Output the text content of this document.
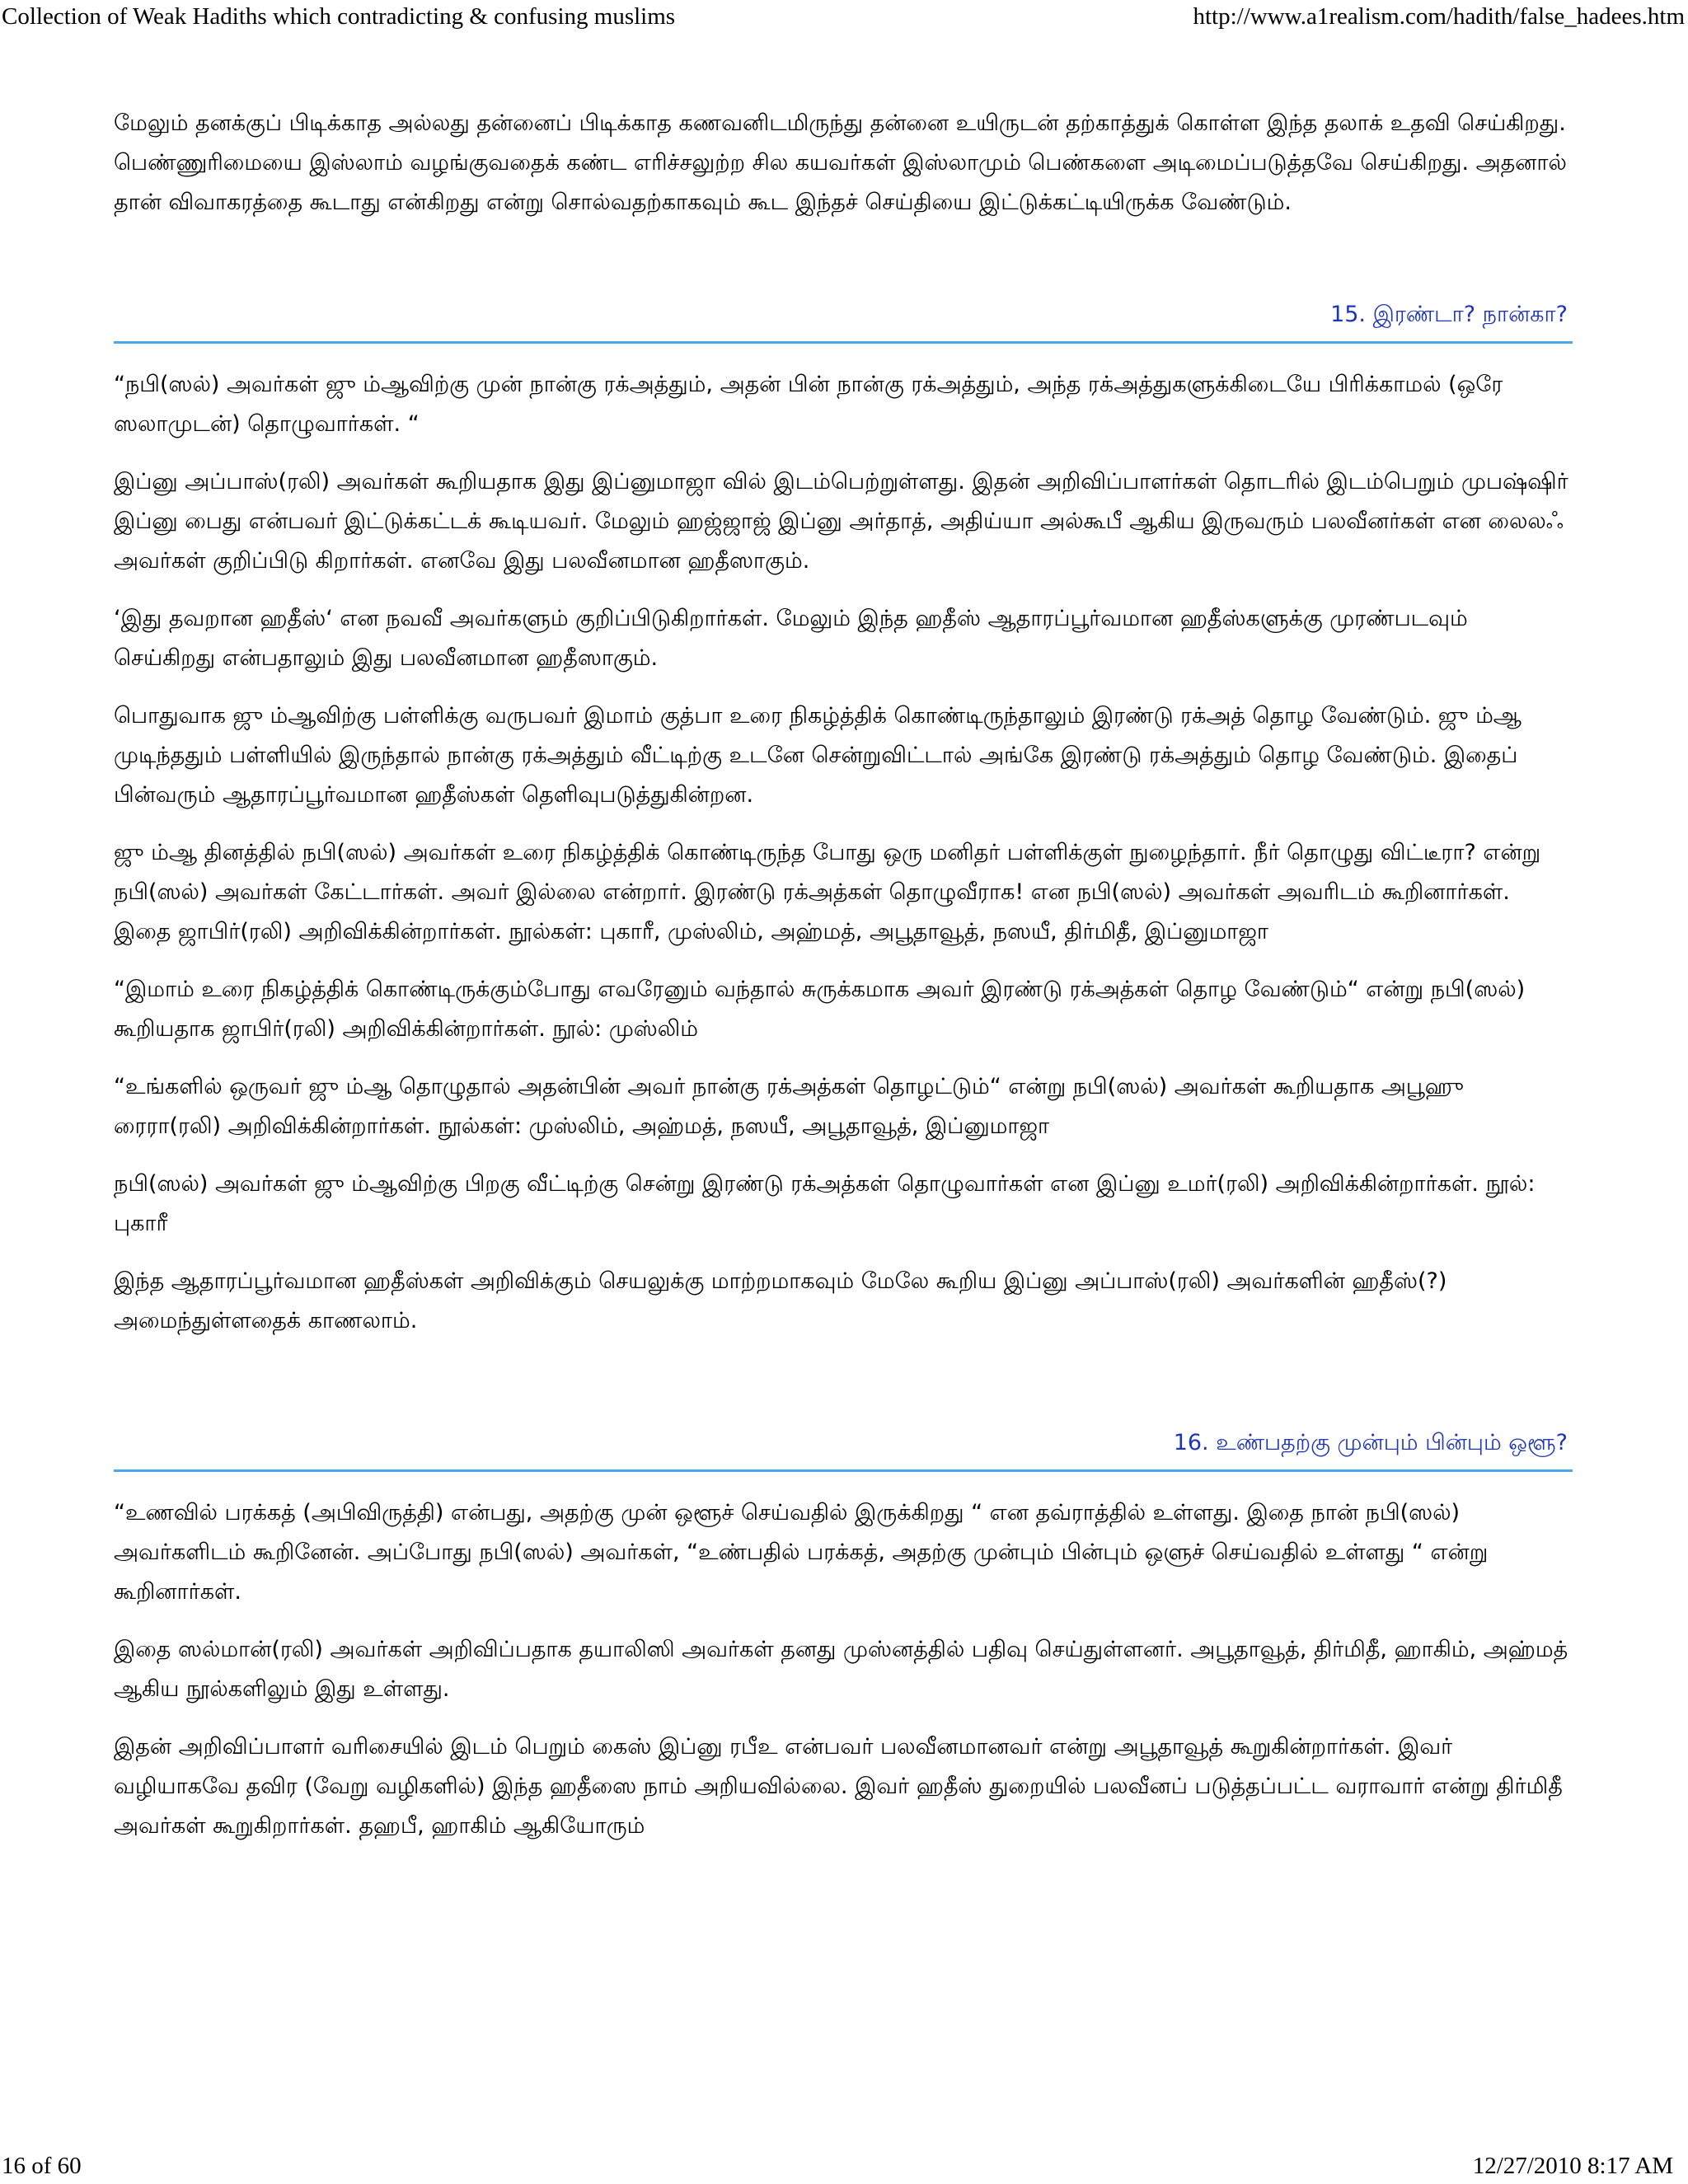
Collection of Weak Hadiths which contradicting & confusing muslims	http://www.a1realism.com/hadith/false_hadees.htm

மேலும் தனக்குப் பிடிக்காத அல்லது தன்னைப் பிடிக்காத கணவனிடமிருந்து தன்னை உயிருடன் தற்காத்துக் கொள்ள இந்த தலாக் உதவி செய்கிறது. பெண்ணுரிமையை இஸ்லாம் வழங்குவதைக் கண்ட எரிச்சலுற்ற சில கயவர்கள் இஸ்லாமும் பெண்களை அடிமைப்படுத்தவே செய்கிறது. அதனால் தான் விவாகரத்தை கூடாது என்கிறது என்று சொல்வதற்காகவும் கூட இந்தச் செய்தியை இட்டுக்கட்டியிருக்க வேண்டும்.

15. இரண்டா? நான்கா?

“நபி(ஸல்) அவர்கள் ஜு ம்ஆவிற்கு முன் நான்கு ரக்அத்தும், அதன் பின் நான்கு ரக்அத்தும், அந்த ரக்அத்துகளுக்கிடையே பிரிக்காமல் (ஒரே ஸலாமுடன்) தொழுவார்கள். “

இப்னு அப்பாஸ்(ரலி) அவர்கள் கூறியதாக இது இப்னுமாஜா வில் இடம்பெற்றுள்ளது. இதன் அறிவிப்பாளர்கள் தொடரில் இடம்பெறும் முபஷ்ஷிர் இப்னு பைது என்பவர் இட்டுக்கட்டக் கூடியவர். மேலும் ஹஜ்ஜாஜ் இப்னு அர்தாத், அதிய்யா அல்கூபீ ஆகிய இருவரும் பலவீனர்கள் என லைலஃ அவர்கள் குறிப்பிடு கிறார்கள். எனவே இது பலவீனமான ஹதீஸாகும்.

‘இது தவறான ஹதீஸ்‘ என நவவீ அவர்களும் குறிப்பிடுகிறார்கள். மேலும் இந்த ஹதீஸ் ஆதாரப்பூர்வமான ஹதீஸ்களுக்கு முரண்படவும் செய்கிறது என்பதாலும் இது பலவீனமான ஹதீஸாகும்.

பொதுவாக ஜு ம்ஆவிற்கு பள்ளிக்கு வருபவர் இமாம் குத்பா உரை நிகழ்த்திக் கொண்டிருந்தாலும் இரண்டு ரக்அத் தொழ வேண்டும். ஜு ம்ஆ முடிந்ததும் பள்ளியில் இருந்தால் நான்கு ரக்அத்தும் வீட்டிற்கு உடனே சென்றுவிட்டால் அங்கே இரண்டு ரக்அத்தும் தொழ வேண்டும். இதைப் பின்வரும் ஆதாரப்பூர்வமான ஹதீஸ்கள் தெளிவுபடுத்துகின்றன.

ஜு ம்ஆ தினத்தில் நபி(ஸல்) அவர்கள் உரை நிகழ்த்திக் கொண்டிருந்த போது ஒரு மனிதர் பள்ளிக்குள் நுழைந்தார். நீர் தொழுது விட்டீரா? என்று நபி(ஸல்) அவர்கள் கேட்டார்கள். அவர் இல்லை என்றார். இரண்டு ரக்அத்கள் தொழுவீராக! என நபி(ஸல்) அவர்கள் அவரிடம் கூறினார்கள். இதை ஜாபிர்(ரலி) அறிவிக்கின்றார்கள். நூல்கள்: புகாரீ, முஸ்லிம், அஹ்மத், அபூதாவூத், நஸயீ, திர்மிதீ, இப்னுமாஜா

“இமாம் உரை நிகழ்த்திக் கொண்டிருக்கும்போது எவரேனும் வந்தால் சுருக்கமாக அவர் இரண்டு ரக்அத்கள் தொழ வேண்டும்“ என்று நபி(ஸல்) கூறியதாக ஜாபிர்(ரலி) அறிவிக்கின்றார்கள். நூல்: முஸ்லிம்

“உங்களில் ஒருவர் ஜு ம்ஆ தொழுதால் அதன்பின் அவர் நான்கு ரக்அத்கள் தொழட்டும்“ என்று நபி(ஸல்) அவர்கள் கூறியதாக அபூஹு ரைரா(ரலி) அறிவிக்கின்றார்கள். நூல்கள்: முஸ்லிம், அஹ்மத், நஸயீ, அபூதாவூத், இப்னுமாஜா

நபி(ஸல்) அவர்கள் ஜு ம்ஆவிற்கு பிறகு வீட்டிற்கு சென்று இரண்டு ரக்அத்கள் தொழுவார்கள் என இப்னு உமர்(ரலி) அறிவிக்கின்றார்கள். நூல்: புகாரீ

இந்த ஆதாரப்பூர்வமான ஹதீஸ்கள் அறிவிக்கும் செயலுக்கு மாற்றமாகவும் மேலே கூறிய இப்னு அப்பாஸ்(ரலி) அவர்களின் ஹதீஸ்(?) அமைந்துள்ளதைக் காணலாம்.

16. உண்பதற்கு முன்பும் பின்பும் ஒளூ?

“உணவில் பரக்கத் (அபிவிருத்தி) என்பது, அதற்கு முன் ஒளூச் செய்வதில் இருக்கிறது “ என தவ்ராத்தில் உள்ளது. இதை நான் நபி(ஸல்) அவர்களிடம் கூறினேன். அப்போது நபி(ஸல்) அவர்கள், “உண்பதில் பரக்கத், அதற்கு முன்பும் பின்பும் ஒளுச் செய்வதில் உள்ளது “ என்று கூறினார்கள்.

இதை ஸல்மான்(ரலி) அவர்கள் அறிவிப்பதாக தயாலிஸி அவர்கள் தனது முஸ்னத்தில் பதிவு செய்துள்ளனர். அபூதாவூத், திர்மிதீ, ஹாகிம், அஹ்மத் ஆகிய நூல்களிலும் இது உள்ளது.

இதன் அறிவிப்பாளர் வரிசையில் இடம் பெறும் கைஸ் இப்னு ரபீஉ என்பவர் பலவீனமானவர் என்று அபூதாவூத் கூறுகின்றார்கள். இவர் வழியாகவே தவிர (வேறு வழிகளில்) இந்த ஹதீஸை நாம் அறியவில்லை. இவர் ஹதீஸ் துறையில் பலவீனப் படுத்தப்பட்ட வராவார் என்று திர்மிதீ அவர்கள் கூறுகிறார்கள். தஹபீ, ஹாகிம் ஆகியோரும்

16 of 60	12/27/2010 8:17 AM
